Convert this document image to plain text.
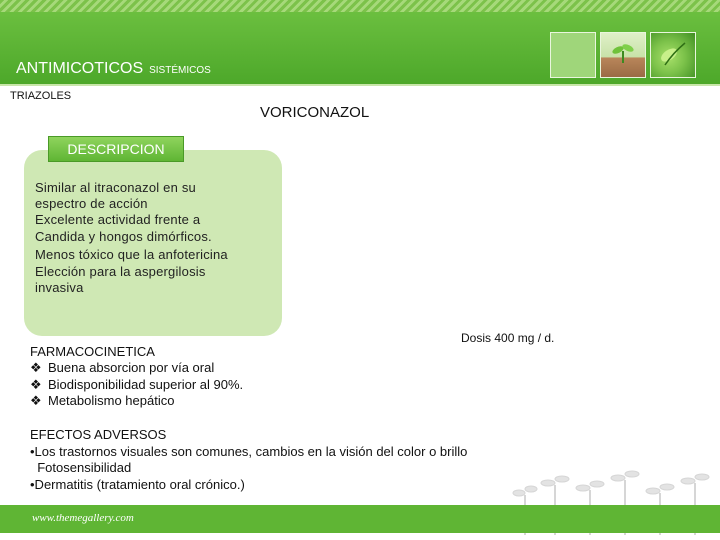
ANTIMICOTICOS SISTÉMICOS
TRIAZOLES
VORICONAZOL
DESCRIPCION
Similar al itraconazol en su
espectro de acción
Excelente actividad frente a
Candida y hongos dimórficos.
Menos tóxico que la anfotericina
Elección para la aspergilosis
invasiva
Dosis 400 mg / d.
FARMACOCINETICA
❖ Buena absorcion por vía oral
❖ Biodisponibilidad superior al 90%.
❖ Metabolismo hepático
EFECTOS ADVERSOS
•Los trastornos visuales son comunes, cambios en la visión del color o brillo
Fotosensibilidad
•Dermatitis (tratamiento oral crónico.)
www.themegallery.com
